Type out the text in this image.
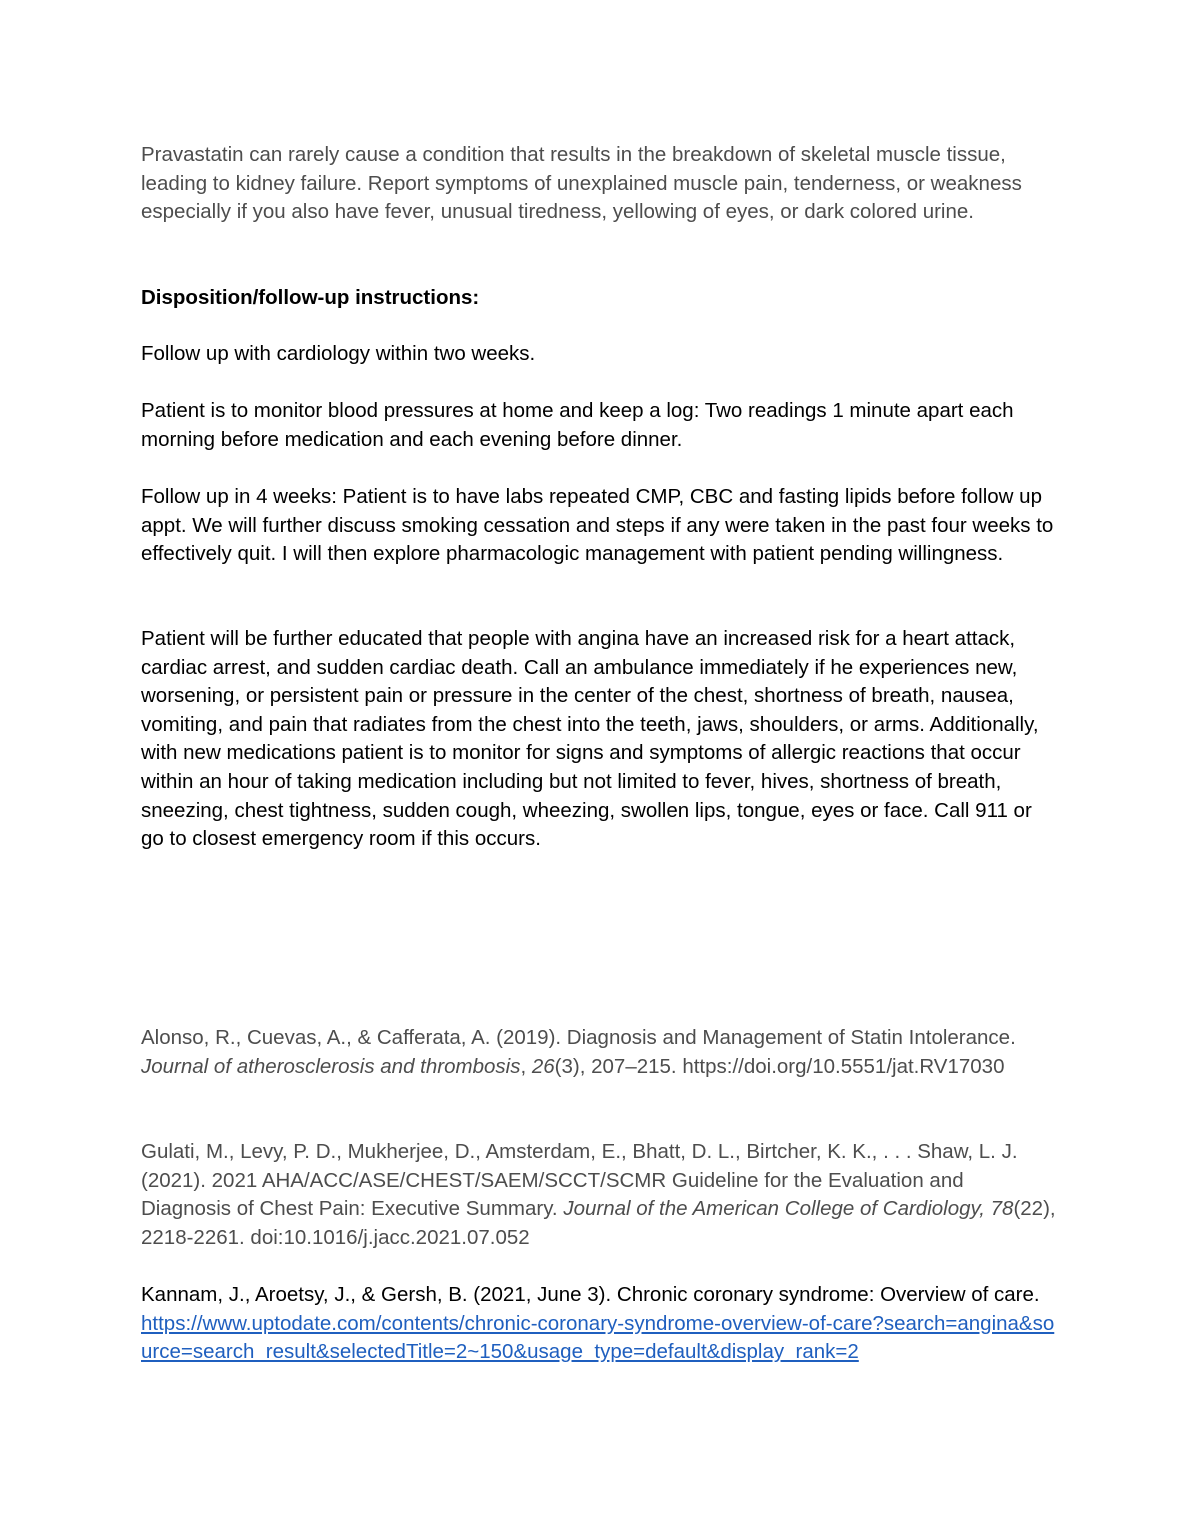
Pravastatin can rarely cause a condition that results in the breakdown of skeletal muscle tissue, leading to kidney failure. Report symptoms of unexplained muscle pain, tenderness, or weakness especially if you also have fever, unusual tiredness, yellowing of eyes, or dark colored urine.

Disposition/follow-up instructions:

Follow up with cardiology within two weeks.

Patient is to monitor blood pressures at home and keep a log: Two readings 1 minute apart each morning before medication and each evening before dinner.

Follow up in 4 weeks: Patient is to have labs repeated CMP, CBC and fasting lipids before follow up appt. We will further discuss smoking cessation and steps if any were taken in the past four weeks to effectively quit. I will then explore pharmacologic management with patient pending willingness.

Patient will be further educated that people with angina have an increased risk for a heart attack, cardiac arrest, and sudden cardiac death. Call an ambulance immediately if he experiences new, worsening, or persistent pain or pressure in the center of the chest, shortness of breath, nausea, vomiting, and pain that radiates from the chest into the teeth, jaws, shoulders, or arms. Additionally, with new medications patient is to monitor for signs and symptoms of allergic reactions that occur within an hour of taking medication including but not limited to fever, hives, shortness of breath, sneezing, chest tightness, sudden cough, wheezing, swollen lips, tongue, eyes or face. Call 911 or go to closest emergency room if this occurs.

Alonso, R., Cuevas, A., & Cafferata, A. (2019). Diagnosis and Management of Statin Intolerance. Journal of atherosclerosis and thrombosis, 26(3), 207–215. https://doi.org/10.5551/jat.RV17030

Gulati, M., Levy, P. D., Mukherjee, D., Amsterdam, E., Bhatt, D. L., Birtcher, K. K., . . . Shaw, L. J. (2021). 2021 AHA/ACC/ASE/CHEST/SAEM/SCCT/SCMR Guideline for the Evaluation and Diagnosis of Chest Pain: Executive Summary. Journal of the American College of Cardiology, 78(22), 2218-2261. doi:10.1016/j.jacc.2021.07.052

Kannam, J., Aroetsy, J., & Gersh, B. (2021, June 3). Chronic coronary syndrome: Overview of care. https://www.uptodate.com/contents/chronic-coronary-syndrome-overview-of-care?search=angina&source=search_result&selectedTitle=2~150&usage_type=default&display_rank=2
